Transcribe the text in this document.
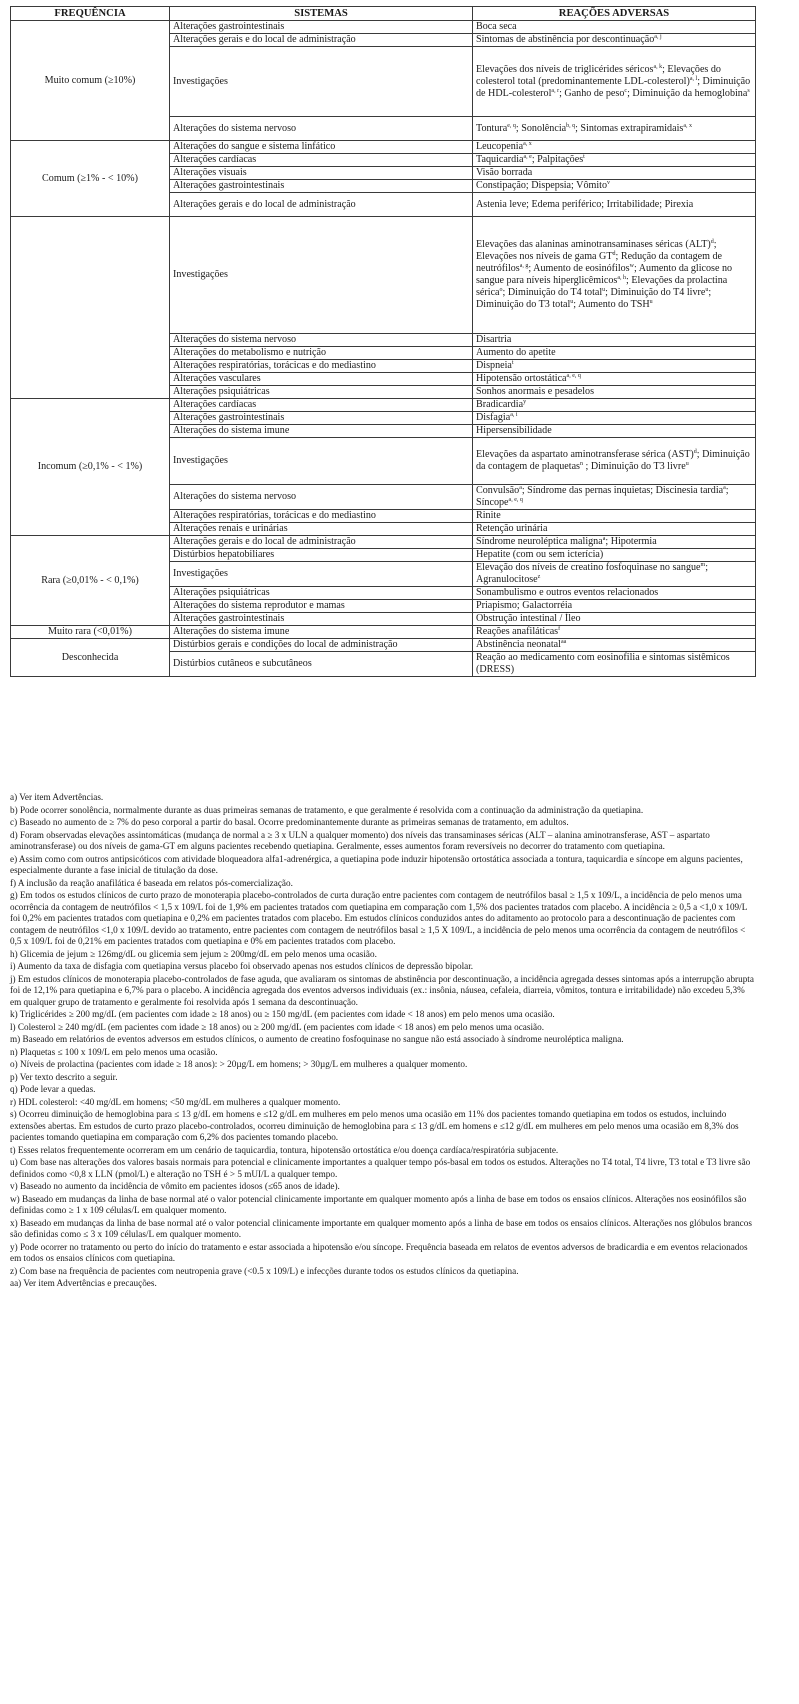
FREQUÊNCIA	SISTEMAS	REAÇÕES ADVERSAS
Muito comum (≥10%)	Alterações gastrointestinais	Boca seca
	Alterações gerais e do local de administração	Sintomas de abstinência por descontinuação$^{a, j}$
	Investigações	Elevações dos níveis de triglicérides séricos$^{a, k}$; Elevações do colesterol total (predominantemente LDL-colesterol)$^{a, l}$; Diminuição de HDL-colesterol$^{a, r}$; Ganho de peso$^c$; Diminuição da hemoglobina$^s$
	Alterações do sistema nervoso	Tontura$^{e, q}$; Sonolência$^{b, q}$; Sintomas extrapiramidais$^{a, x}$
Comum (≥1% - < 10%)	Alterações do sangue e sistema linfático	Leucopenia$^{a, x}$
	Alterações cardíacas	Taquicardia$^{a, e}$; Palpitações$^t$
	Alterações visuais	Visão borrada
	Alterações gastrointestinais	Constipação; Dispepsia; Vômito$^v$
	Alterações gerais e do local de administração	Astenia leve; Edema periférico; Irritabilidade; Pirexia
	Investigações	Elevações das alaninas aminotransaminases séricas (ALT)$^d$; Elevações nos níveis de gama $GT^d$; Redução da contagem de neutrófilos$^{a, g}$; Aumento de eosinófilos$^w$; Aumento da glicose no sangue para níveis hiperglicêmicos$^{a, h}$; Elevações da prolactina sérica$^o$; Diminuição do T4 total$^u$; Diminuição do T4 livre$^u$; Diminuição do T3 total$^u$; Aumento do TSH$^u$
	Alterações do sistema nervoso	Disartria
	Alterações do metabolismo e nutrição	Aumento do apetite
	Alterações respiratórias, torácicas e do mediastino	Dispneia$^t$
	Alterações vasculares	Hipotensão ortostática$^{a, e, q}$
	Alterações psiquiátricas	Sonhos anormais e pesadelos
Incomum (≥0,1% - < 1%)	Alterações cardíacas	Bradicardia$^y$
	Alterações gastrointestinais	Disfagia$^{a, i}$
	Alterações do sistema imune	Hipersensibilidade
	Investigações	Elevações da aspartato aminotransferase sérica (AST)$^d$; Diminuição da contagem de plaquetas$^n$ ; Diminuição do T3 livre$^u$
	Alterações do sistema nervoso	Convulsão$^a$; Síndrome das pernas inquietas; Discinesia tardia$^a$; Síncope$^{a, e, q}$
	Alterações respiratórias, torácicas e do mediastino	Rinite
	Alterações renais e urinárias	Retenção urinária
Rara (≥0,01% - < 0,1%)	Alterações gerais e do local de administração	Síndrome neuroléptica maligna$^a$; Hipotermia
	Distúrbios hepatobiliares	Hepatite (com ou sem icterícia)
	Investigações	Elevação dos níveis de creatino fosfoquinase no sangue$^m$; Agranulocitose$^z$
	Alterações psiquiátricas	Sonambulismo e outros eventos relacionados
	Alterações do sistema reprodutor e mamas	Priapismo; Galactorréia
	Alterações gastrointestinais	Obstrução intestinal / Íleo
Muito rara (<0,01%)	Alterações do sistema imune	Reações anafiláticas$^f$
Desconhecida	Distúrbios gerais e condições do local de administração	Abstinência neonatal$^{aa}$
	Distúrbios cutâneos e subcutâneos	Reação ao medicamento com eosinofilia e sintomas sistêmicos (DRESS)

a) Ver item Advertências.

b) Pode ocorrer sonolência, normalmente durante as duas primeiras semanas de tratamento, e que geralmente é resolvida com a continuação da administração da quetiapina.

c) Baseado no aumento de ≥ 7% do peso corporal a partir do basal. Ocorre predominantemente durante as primeiras semanas de tratamento, em adultos.

d) Foram observadas elevações assintomáticas (mudança de normal a ≥ 3 x ULN a qualquer momento) dos níveis das transaminases séricas (ALT – alanina aminotransferase, AST – aspartato aminotransferase) ou dos níveis de gama-GT em alguns pacientes recebendo quetiapina. Geralmente, esses aumentos foram reversíveis no decorrer do tratamento com quetiapina.

e) Assim como com outros antipsicóticos com atividade bloqueadora alfa1-adrenérgica, a quetiapina pode induzir hipotensão ortostática associada a tontura, taquicardia e síncope em alguns pacientes, especialmente durante a fase inicial de titulação da dose.

f) A inclusão da reação anafilática é baseada em relatos pós-comercialização.

g) Em todos os estudos clínicos de curto prazo de monoterapia placebo-controlados de curta duração entre pacientes com contagem de neutrófilos basal ≥ 1,5 x 109/L, a incidência de pelo menos uma ocorrência da contagem de neutrófilos < 1,5 x 109/L foi de 1,9% em pacientes tratados com quetiapina em comparação com 1,5% dos pacientes tratados com placebo. A incidência ≥ 0,5 a <1,0 x 109/L foi 0,2% em pacientes tratados com quetiapina e 0,2% em pacientes tratados com placebo. Em estudos clínicos conduzidos antes do aditamento ao protocolo para a descontinuação de pacientes com contagem de neutrófilos <1,0 x 109/L devido ao tratamento, entre pacientes com contagem de neutrófilos basal ≥ 1,5 X 109/L, a incidência de pelo menos uma ocorrência da contagem de neutrófilos < 0,5 x 109/L foi de 0,21% em pacientes tratados com quetiapina e 0% em pacientes tratados com placebo.

h) Glicemia de jejum ≥ 126mg/dL ou glicemia sem jejum ≥ 200mg/dL em pelo menos uma ocasião.

i) Aumento da taxa de disfagia com quetiapina versus placebo foi observado apenas nos estudos clínicos de depressão bipolar.

j) Em estudos clínicos de monoterapia placebo-controlados de fase aguda, que avaliaram os sintomas de abstinência por descontinuação, a incidência agregada desses sintomas após a interrupção abrupta foi de 12,1% para quetiapina e 6,7% para o placebo. A incidência agregada dos eventos adversos individuais (ex.: insônia, náusea, cefaleia, diarreia, vômitos, tontura e irritabilidade) não excedeu 5,3% em qualquer grupo de tratamento e geralmente foi resolvida após 1 semana da descontinuação.

k) Triglicérides ≥ 200 mg/dL (em pacientes com idade ≥ 18 anos) ou ≥ 150 mg/dL (em pacientes com idade < 18 anos) em pelo menos uma ocasião.

l) Colesterol ≥ 240 mg/dL (em pacientes com idade ≥ 18 anos) ou ≥ 200 mg/dL (em pacientes com idade < 18 anos) em pelo menos uma ocasião.

m) Baseado em relatórios de eventos adversos em estudos clínicos, o aumento de creatino fosfoquinase no sangue não está associado à síndrome neuroléptica maligna.

n) Plaquetas ≤ 100 x 109/L em pelo menos uma ocasião.

o) Níveis de prolactina (pacientes com idade ≥ 18 anos): > 20µg/L em homens; > 30µg/L em mulheres a qualquer momento.

p) Ver texto descrito a seguir.

q) Pode levar a quedas.

r) HDL colesterol: <40 mg/dL em homens; <50 mg/dL em mulheres a qualquer momento.

s) Ocorreu diminuição de hemoglobina para ≤ 13 g/dL em homens e ≤12 g/dL em mulheres em pelo menos uma ocasião em 11% dos pacientes tomando quetiapina em todos os estudos, incluindo extensões abertas. Em estudos de curto prazo placebo-controlados, ocorreu diminuição de hemoglobina para ≤ 13 g/dL em homens e ≤12 g/dL em mulheres em pelo menos uma ocasião em 8,3% dos pacientes tomando quetiapina em comparação com 6,2% dos pacientes tomando placebo.

t) Esses relatos frequentemente ocorreram em um cenário de taquicardia, tontura, hipotensão ortostática e/ou doença cardíaca/respiratória subjacente.

u) Com base nas alterações dos valores basais normais para potencial e clinicamente importantes a qualquer tempo pós-basal em todos os estudos. Alterações no T4 total, T4 livre, T3 total e T3 livre são definidos como <0,8 x LLN (pmol/L) e alteração no TSH é > 5 mUI/L a qualquer tempo.

v) Baseado no aumento da incidência de vômito em pacientes idosos (≤65 anos de idade).

w) Baseado em mudanças da linha de base normal até o valor potencial clinicamente importante em qualquer momento após a linha de base em todos os ensaios clínicos. Alterações nos eosinófilos são definidas como ≥ 1 x 109 células/L em qualquer momento.

x) Baseado em mudanças da linha de base normal até o valor potencial clinicamente importante em qualquer momento após a linha de base em todos os ensaios clínicos. Alterações nos glóbulos brancos são definidas como ≤ 3 x 109 células/L em qualquer momento.

y) Pode ocorrer no tratamento ou perto do início do tratamento e estar associada a hipotensão e/ou síncope. Frequência baseada em relatos de eventos adversos de bradicardia e em eventos relacionados em todos os ensaios clínicos com quetiapina.

z) Com base na frequência de pacientes com neutropenia grave (<0.5 x 109/L) e infecções durante todos os estudos clínicos da quetiapina.

aa) Ver item Advertências e precauções.
